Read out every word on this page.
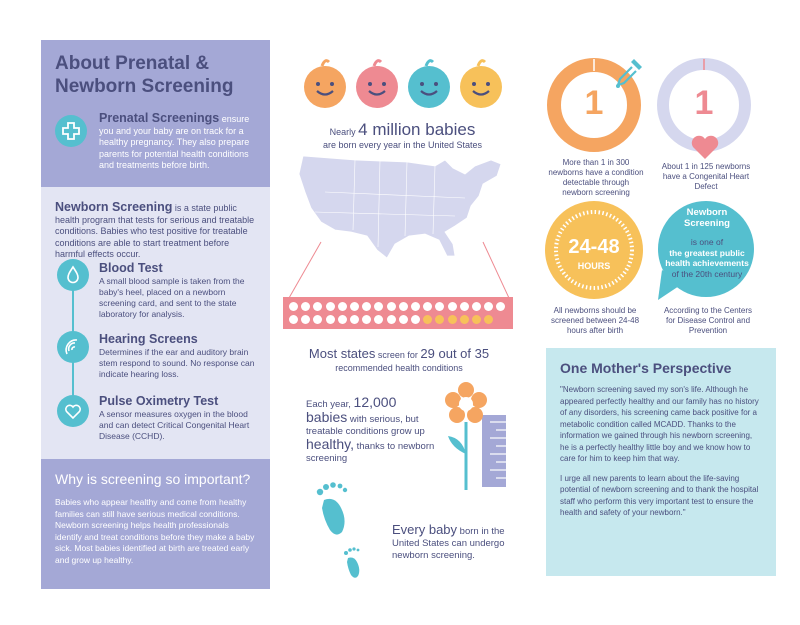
About Prenatal & Newborn Screening

Prenatal Screenings ensure you and your baby are on track for a healthy pregnancy. They also prepare parents for potential health conditions and treatments before birth.

Newborn Screening is a state public health program that tests for serious and treatable conditions. Babies who test positive for treatable conditions are able to start treatment before harmful effects occur.
Blood Test
A small blood sample is taken from the baby's heel, placed on a newborn screening card, and sent to the state laboratory for analysis.
Hearing Screens
Determines if the ear and auditory brain stem respond to sound. No response can indicate hearing loss.
Pulse Oximetry Test
A sensor measures oxygen in the blood and can detect Critical Congenital Heart Disease (CCHD).
Why is screening so important?
Babies who appear healthy and come from healthy families can still have serious medical conditions. Newborn screening helps health professionals identify and treat conditions before they make a baby sick. Most babies identified at birth are treated early and grow up healthy.
Nearly 4 million babies
are born every year in the United States
Most states screen for 29 out of 35
recommended health conditions
Each year, 12,000 babies with serious, but treatable conditions grow up healthy, thanks to newborn screening
Every baby born in the United States can undergo newborn screening.
1
More than 1 in 300 newborns have a condition detectable through newborn screening
1
About 1 in 125 newborns have a Congenital Heart Defect
24-48
HOURS
All newborns should be screened between 24-48 hours after birth
Newborn Screening
is one of
the greatest public health achievements
of the 20th century
According to the Centers for Disease Control and Prevention
One Mother's Perspective

"Newborn screening saved my son's life. Although he appeared perfectly healthy and our family has no history of any disorders, his screening came back positive for a metabolic condition called MCADD. Thanks to the information we gained through his newborn screening, he is a perfectly healthy little boy and we know how to care for him to keep him that way.

I urge all new parents to learn about the life-saving potential of newborn screening and to thank the hospital staff who perform this very important test to ensure the health and safety of your newborn."
